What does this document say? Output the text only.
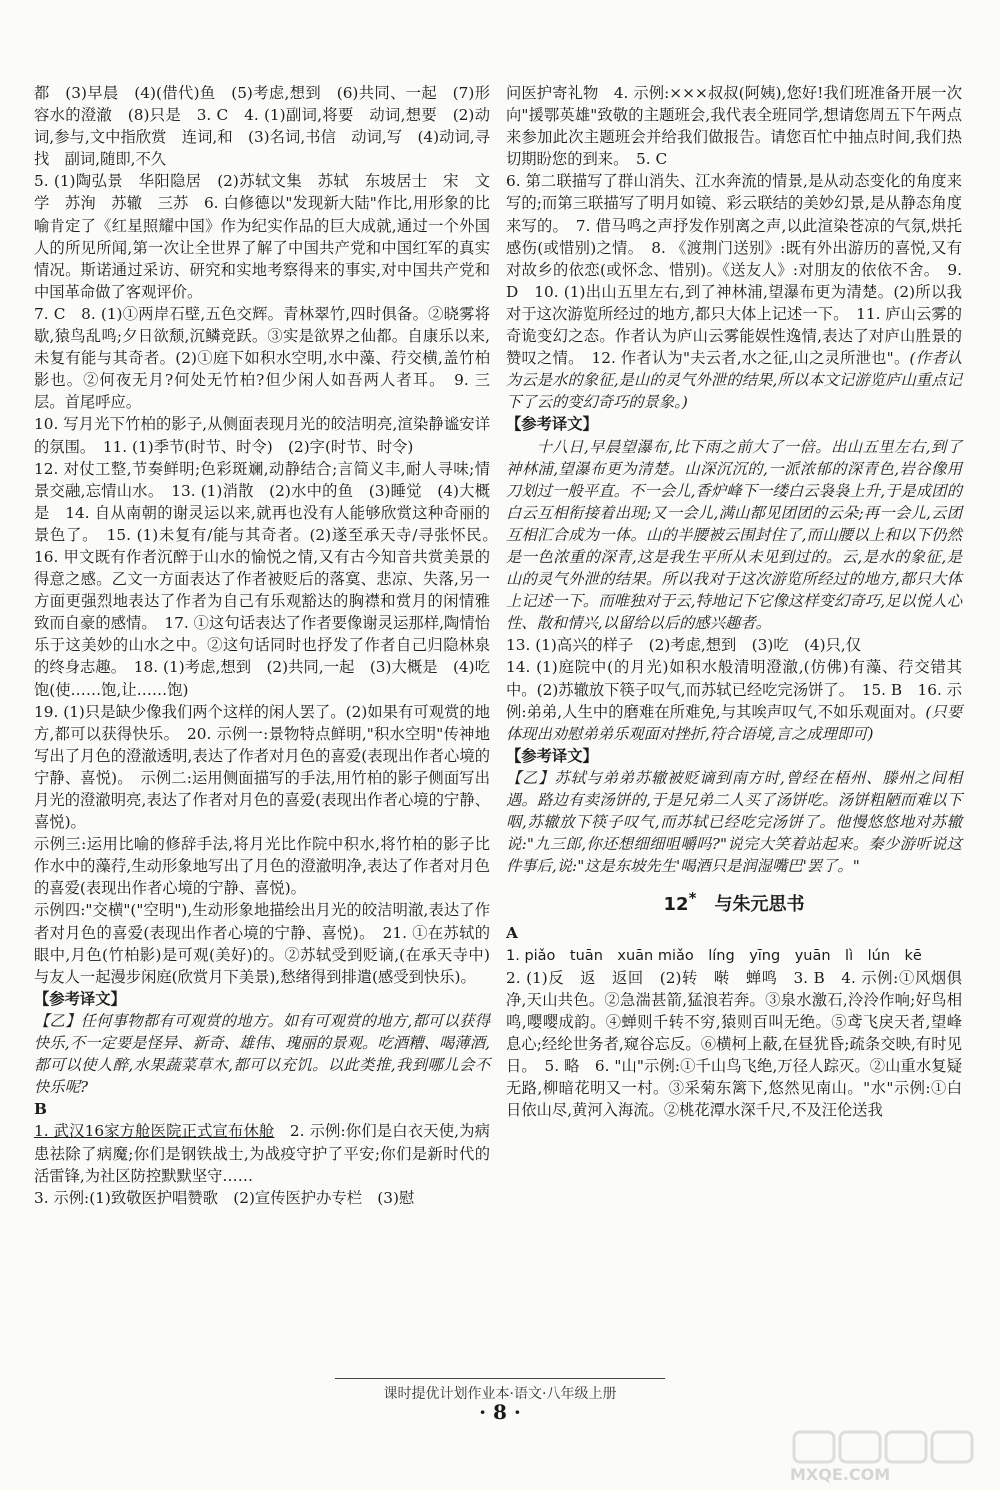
都　(3)早晨　(4)(借代)鱼　(5)考虑,想到　(6)共同、一起　(7)形容水的澄澈　(8)只是　3. C　4. (1)副词,将要　动词,想要　(2)动词,参与,文中指欣赏　连词,和　(3)名词,书信　动词,写　(4)动词,寻找　副词,随即,不久

5. (1)陶弘景　华阳隐居　(2)苏轼文集　苏轼　东坡居士　宋　文学　苏洵　苏辙　三苏　6. 白修德以"发现新大陆"作比,用形象的比喻肯定了《红星照耀中国》作为纪实作品的巨大成就,通过一个外国人的所见所闻,第一次让全世界了解了中国共产党和中国红军的真实情况。斯诺通过采访、研究和实地考察得来的事实,对中国共产党和中国革命做了客观评价。

7. C　8. (1)①两岸石壁,五色交辉。青林翠竹,四时俱备。②晓雾将歇,猿鸟乱鸣;夕日欲颓,沉鳞竞跃。③实是欲界之仙都。自康乐以来,未复有能与其奇者。(2)①庭下如积水空明,水中藻、荇交横,盖竹柏影也。②何夜无月?何处无竹柏?但少闲人如吾两人者耳。　9. 三层。首尾呼应。

10. 写月光下竹柏的影子,从侧面表现月光的皎洁明亮,渲染静谧安详的氛围。　11. (1)季节(时节、时令)　(2)字(时节、时令)

12. 对仗工整,节奏鲜明;色彩斑斓,动静结合;言简义丰,耐人寻味;情景交融,忘情山水。　13. (1)消散　(2)水中的鱼　(3)睡觉　(4)大概是　14. 自从南朝的谢灵运以来,就再也没有人能够欣赏这种奇丽的景色了。　15. (1)未复有/能与其奇者。(2)遂至承天寺/寻张怀民。　16. 甲文既有作者沉醉于山水的愉悦之情,又有古今知音共赏美景的得意之感。乙文一方面表达了作者被贬后的落寞、悲凉、失落,另一方面更强烈地表达了作者为自己有乐观豁达的胸襟和赏月的闲情雅致而自豪的感情。　17. ①这句话表达了作者要像谢灵运那样,陶情怡乐于这美妙的山水之中。②这句话同时也抒发了作者自己归隐林泉的终身志趣。　18. (1)考虑,想到　(2)共同,一起　(3)大概是　(4)吃饱(使……饱,让……饱)

19. (1)只是缺少像我们两个这样的闲人罢了。(2)如果有可观赏的地方,都可以获得快乐。　20. 示例一:景物特点鲜明,"积水空明"传神地写出了月色的澄澈透明,表达了作者对月色的喜爱(表现出作者心境的宁静、喜悦)。　示例二:运用侧面描写的手法,用竹柏的影子侧面写出月光的澄澈明亮,表达了作者对月色的喜爱(表现出作者心境的宁静、喜悦)。

示例三:运用比喻的修辞手法,将月光比作院中积水,将竹柏的影子比作水中的藻荇,生动形象地写出了月色的澄澈明净,表达了作者对月色的喜爱(表现出作者心境的宁静、喜悦)。

示例四:"交横"("空明"),生动形象地描绘出月光的皎洁明澈,表达了作者对月色的喜爱(表现出作者心境的宁静、喜悦)。　21. ①在苏轼的眼中,月色(竹柏影)是可观(美好)的。②苏轼受到贬谪,(在承天寺中)与友人一起漫步闲庭(欣赏月下美景),愁绪得到排遣(感受到快乐)。

【参考译文】

【乙】任何事物都有可观赏的地方。如有可观赏的地方,都可以获得快乐,不一定要是怪异、新奇、雄伟、瑰丽的景观。吃酒糟、喝薄酒,都可以使人醉,水果蔬菜草木,都可以充饥。以此类推,我到哪儿会不快乐呢?

B

1. 武汉16家方舱医院正式宣布休舱　2. 示例:你们是白衣天使,为病患祛除了病魔;你们是钢铁战士,为战疫守护了平安;你们是新时代的活雷锋,为社区防控默默坚守……

3. 示例:(1)致敬医护唱赞歌　(2)宣传医护办专栏　(3)慰

问医护寄礼物　4. 示例:×××叔叔(阿姨),您好!我们班准备开展一次向"援鄂英雄"致敬的主题班会,我代表全班同学,想请您周五下午两点来参加此次主题班会并给我们做报告。请您百忙中抽点时间,我们热切期盼您的到来。　5. C

6. 第二联描写了群山消失、江水奔流的情景,是从动态变化的角度来写的;而第三联描写了明月如镜、彩云联结的美妙幻景,是从静态角度来写的。　7. 借马鸣之声抒发作别离之声,以此渲染苍凉的气氛,烘托感伤(或惜别)之情。　8. 《渡荆门送别》:既有外出游历的喜悦,又有对故乡的依恋(或怀念、惜别)。《送友人》:对朋友的依依不舍。　9. D　10. (1)出山五里左右,到了神林浦,望瀑布更为清楚。(2)所以我对于这次游览所经过的地方,都只大体上记述一下。　11. 庐山云雾的奇诡变幻之态。作者认为庐山云雾能娱性逸情,表达了对庐山胜景的赞叹之情。　12. 作者认为"夫云者,水之征,山之灵所泄也"。(作者认为云是水的象征,是山的灵气外泄的结果,所以本文记游览庐山重点记下了云的变幻奇巧的景象。)

【参考译文】

十八日,早晨望瀑布,比下雨之前大了一倍。出山五里左右,到了神林浦,望瀑布更为清楚。山深沉沉的,一派浓郁的深青色,岩谷像用刀划过一般平直。不一会儿,香炉峰下一缕白云袅袅上升,于是成团的白云互相衔接着出现;又一会儿,满山都见团团的云朵;再一会儿,云团互相汇合成为一体。山的半腰被云围封住了,而山腰以上和以下仍然是一色浓重的深青,这是我生平所从未见到过的。云,是水的象征,是山的灵气外泄的结果。所以我对于这次游览所经过的地方,都只大体上记述一下。而唯独对于云,特地记下它像这样变幻奇巧,足以悦人心性、散和情兴,以留给以后的感兴趣者。

13. (1)高兴的样子　(2)考虑,想到　(3)吃　(4)只,仅

14. (1)庭院中(的月光)如积水般清明澄澈,(仿佛)有藻、荇交错其中。(2)苏辙放下筷子叹气,而苏轼已经吃完汤饼了。　15. B　16. 示例:弟弟,人生中的磨难在所难免,与其唉声叹气,不如乐观面对。(只要体现出劝慰弟弟乐观面对挫折,符合语境,言之成理即可)

【参考译文】

【乙】苏轼与弟弟苏辙被贬谪到南方时,曾经在梧州、滕州之间相遇。路边有卖汤饼的,于是兄弟二人买了汤饼吃。汤饼粗陋而难以下咽,苏辙放下筷子叹气,而苏轼已经吃完汤饼了。他慢悠悠地对苏辙说:"九三郎,你还想细细咀嚼吗?"说完大笑着站起来。秦少游听说这件事后,说:"这是东坡先生'喝酒只是润湿嘴巴'罢了。"

12*　 与朱元思书

A

1. piǎo　tuān　xuān miǎo　líng　yīng　yuān　lì　lún　kē

2. (1)反　返　返回　(2)转　啭　蝉鸣　3. B　4. 示例:①风烟俱净,天山共色。②急湍甚箭,猛浪若奔。③泉水激石,泠泠作响;好鸟相鸣,嘤嘤成韵。④蝉则千转不穷,猿则百叫无绝。⑤鸢飞戾天者,望峰息心;经纶世务者,窥谷忘反。⑥横柯上蔽,在昼犹昏;疏条交映,有时见日。　5. 略　6. "山"示例:①千山鸟飞绝,万径人踪灭。②山重水复疑无路,柳暗花明又一村。③采菊东篱下,悠然见南山。"水"示例:①白日依山尽,黄河入海流。②桃花潭水深千尺,不及汪伦送我

课时提优计划作业本·语文·八年级上册
· 8 ·
MXQE.COM
